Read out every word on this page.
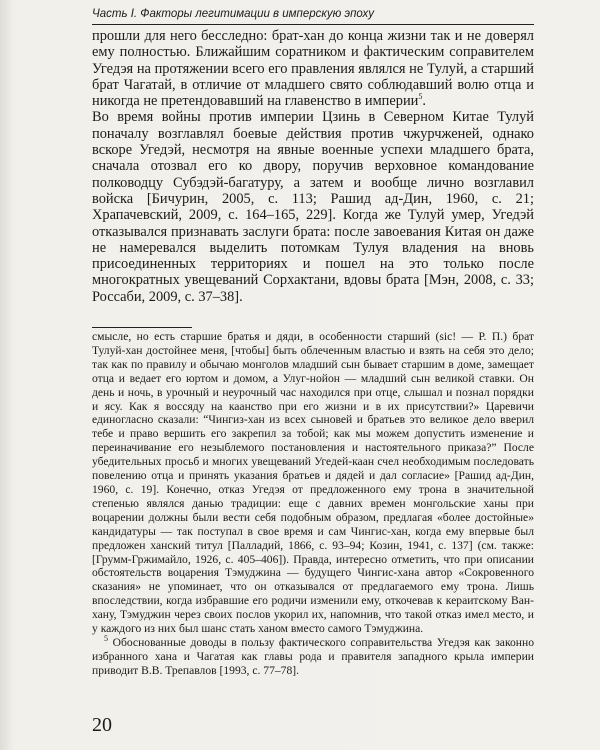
Часть I. Факторы легитимации в имперскую эпоху

прошли для него бесследно: брат-хан до конца жизни так и не доверял ему полностью. Ближайшим соратником и фактическим соправителем Угедэя на протяжении всего его правления являлся не Тулуй, а старший брат Чагатай, в отличие от младшего свято соблюдавший волю отца и никогда не претендовавший на главенство в империи$^5$.

Во время войны против империи Цзинь в Северном Китае Тулуй поначалу возглавлял боевые действия против чжурчженей, однако вскоре Угедэй, несмотря на явные военные успехи младшего брата, сначала отозвал его ко двору, поручив верховное командование полководцу Субэдэй-багатуру, а затем и вообще лично возглавил войска [Бичурин, 2005, с. 113; Рашид ад-Дин, 1960, с. 21; Храпачевский, 2009, с. 164–165, 229]. Когда же Тулуй умер, Угедэй отказывался признавать заслуги брата: после завоевания Китая он даже не намеревался выделить потомкам Тулуя владения на вновь присоединенных территориях и пошел на это только после многократных увещеваний Сорхактани, вдовы брата [Мэн, 2008, с. 33; Россаби, 2009, с. 37–38].

смысле, но есть старшие братья и дяди, в особенности старший (sic! — Р. П.) брат Тулуй-хан достойнее меня, [чтобы] быть облеченным властью и взять на себя это дело; так как по правилу и обычаю монголов младший сын бывает старшим в доме, замещает отца и ведает его юртом и домом, а Улуг-нойон — младший сын великой ставки. Он день и ночь, в урочный и неурочный час находился при отце, слышал и познал порядки и ясу. Как я воссяду на каанство при его жизни и в их присутствии?» Царевичи единогласно сказали: “Чингиз-хан из всех сыновей и братьев это великое дело вверил тебе и право вершить его закрепил за тобой; как мы можем допустить изменение и переиначивание его незыблемого постановления и настоятельного приказа?” После убедительных просьб и многих увещеваний Угедей-каан счел необходимым последовать повелению отца и принять указания братьев и дядей и дал согласие» [Рашид ад-Дин, 1960, с. 19]. Конечно, отказ Угедэя от предложенного ему трона в значительной степенью являлся данью традиции: еще с давних времен монгольские ханы при воцарении должны были вести себя подобным образом, предлагая «более достойные» кандидатуры — так поступал в свое время и сам Чингис-хан, когда ему впервые был предложен ханский титул [Палладий, 1866, с. 93–94; Козин, 1941, с. 137] (см. также: [Грумм-Гржимайло, 1926, с. 405–406]). Правда, интересно отметить, что при описании обстоятельств воцарения Тэмуджина — будущего Чингис-хана автор «Сокровенного сказания» не упоминает, что он отказывался от предлагаемого ему трона. Лишь впоследствии, когда избравшие его родичи изменили ему, откочевав к кераитскому Ван-хану, Тэмуджин через своих послов укорил их, напомнив, что такой отказ имел место, и у каждого из них был шанс стать ханом вместо самого Тэмуджина.

$^5$ Обоснованные доводы в пользу фактического соправительства Угедэя как законно избранного хана и Чагатая как главы рода и правителя западного крыла империи приводит В.В. Трепавлов [1993, с. 77–78].

20
